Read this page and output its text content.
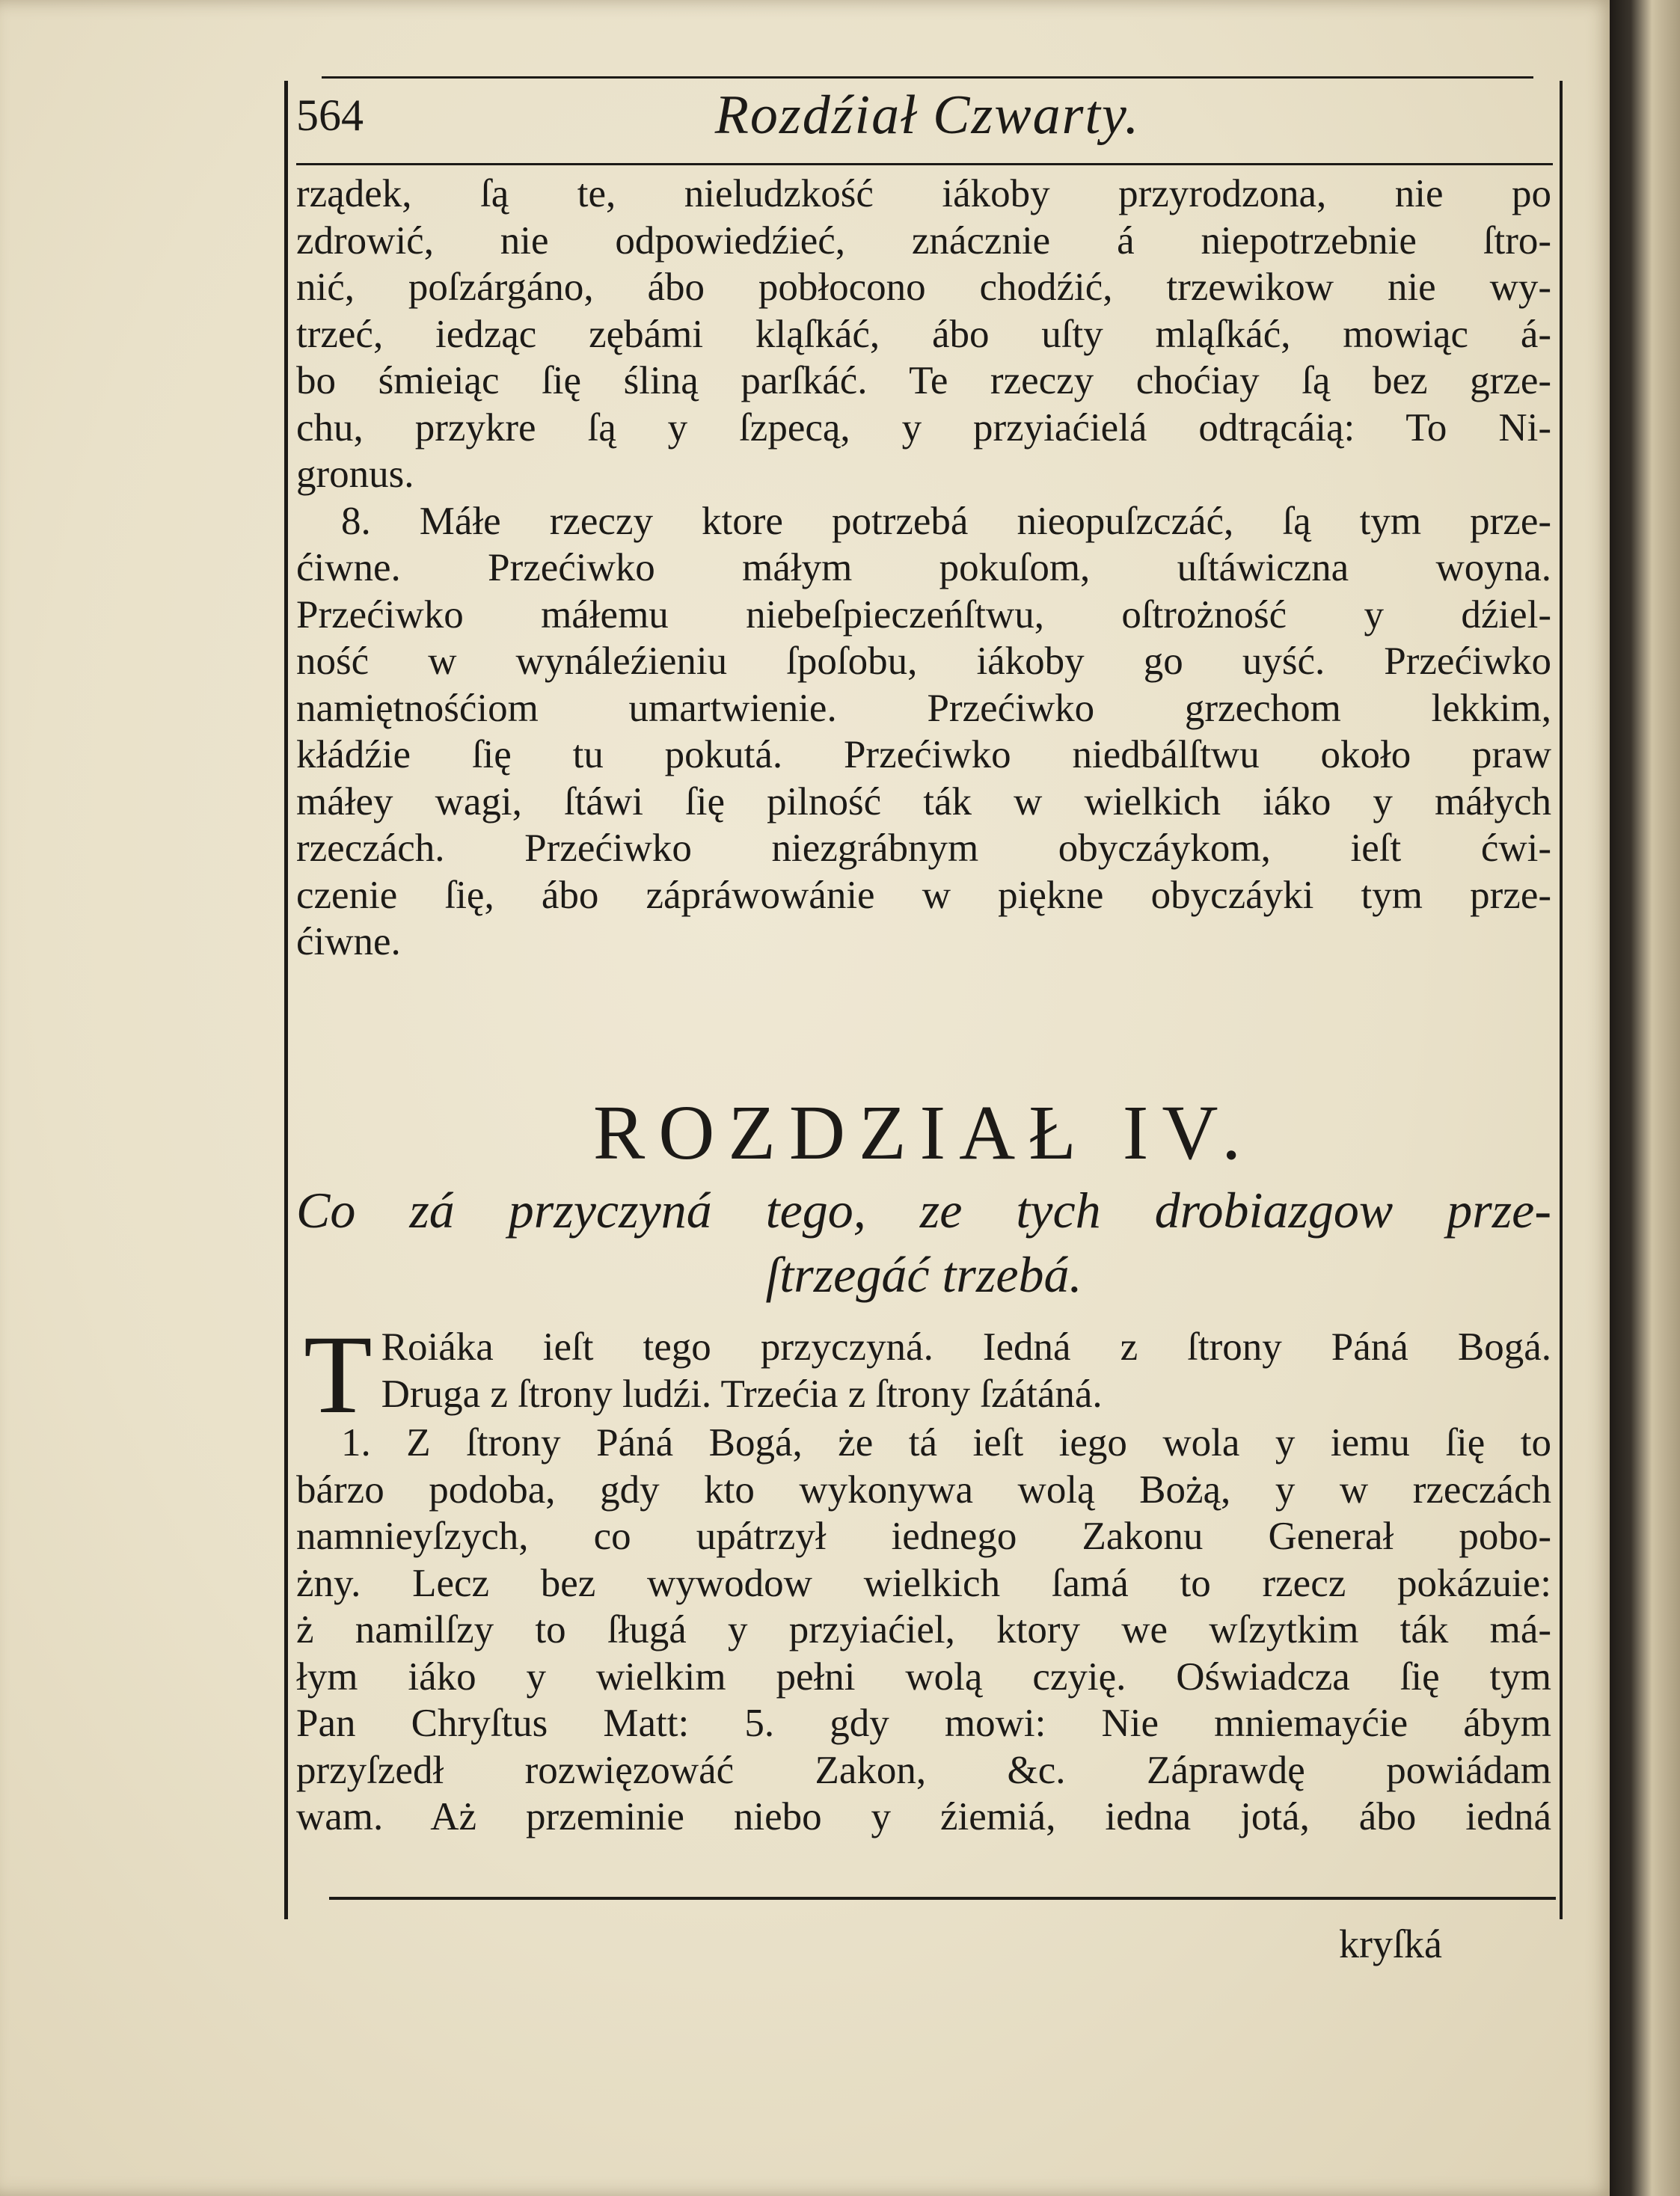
564	Rozdźiał Czwarty.
rządek, ſą te, nieludzkość iákoby przyrodzona, nie po
zdrowić, nie odpowiedźieć, znácznie á niepotrzebnie ſtro-
nić, poſzárgáno, ábo pobłocono chodźić, trzewikow nie wy-
trzeć, iedząc zębámi kląſkáć, ábo uſty mląſkáć, mowiąc á-
bo śmieiąc ſię śliną parſkáć. Te rzeczy choćiay ſą bez grze-
chu, przykre ſą y ſzpecą, y przyiaćielá odtrącáią: To Ni-
gronus.
8. Máłe rzeczy ktore potrzebá nieopuſzczáć, ſą tym prze-
ćiwne. Przećiwko máłym pokuſom, uſtáwiczna woyna.
Przećiwko máłemu niebeſpieczeńſtwu, oſtrożność y dźiel-
ność w wynáleźieniu ſpoſobu, iákoby go uyść. Przećiwko
namiętnośćiom umartwienie. Przećiwko grzechom lekkim,
kłádźie ſię tu pokutá. Przećiwko niedbálſtwu około praw
máłey wagi, ſtáwi ſię pilność ták w wielkich iáko y máłych
rzeczách. Przećiwko niezgrábnym obyczáykom, ieſt ćwi-
czenie ſię, ábo zápráwowánie w piękne obyczáyki tym prze-
ćiwne.
ROZDZIAŁ IV.
Co zá przyczyná tego, ze tych drobiazgow prze-
ſtrzegáć trzebá.
T Roiáka ieſt tego przyczyná. Iedná z ſtrony Páná Bogá.
Druga z ſtrony ludźi. Trzećia z ſtrony ſzátáná.
1. Z ſtrony Páná Bogá, że tá ieſt iego wola y iemu ſię to
bárzo podoba, gdy kto wykonywa wolą Bożą, y w rzeczách
namnieyſzych, co upátrzył iednego Zakonu Generał pobo-
żny. Lecz bez wywodow wielkich ſamá to rzecz pokázuie:
ż namilſzy to ſługá y przyiaćiel, ktory we wſzytkim ták má-
łym iáko y wielkim pełni wolą czyię. Oświadcza ſię tym
Pan Chryſtus Matt: 5. gdy mowi: Nie mniemayćie ábym
przyſzedł rozwięzowáć Zakon, &c. Záprawdę powiádam
wam. Aż przeminie niebo y źiemiá, iedna jotá, ábo iedná
kryſká
